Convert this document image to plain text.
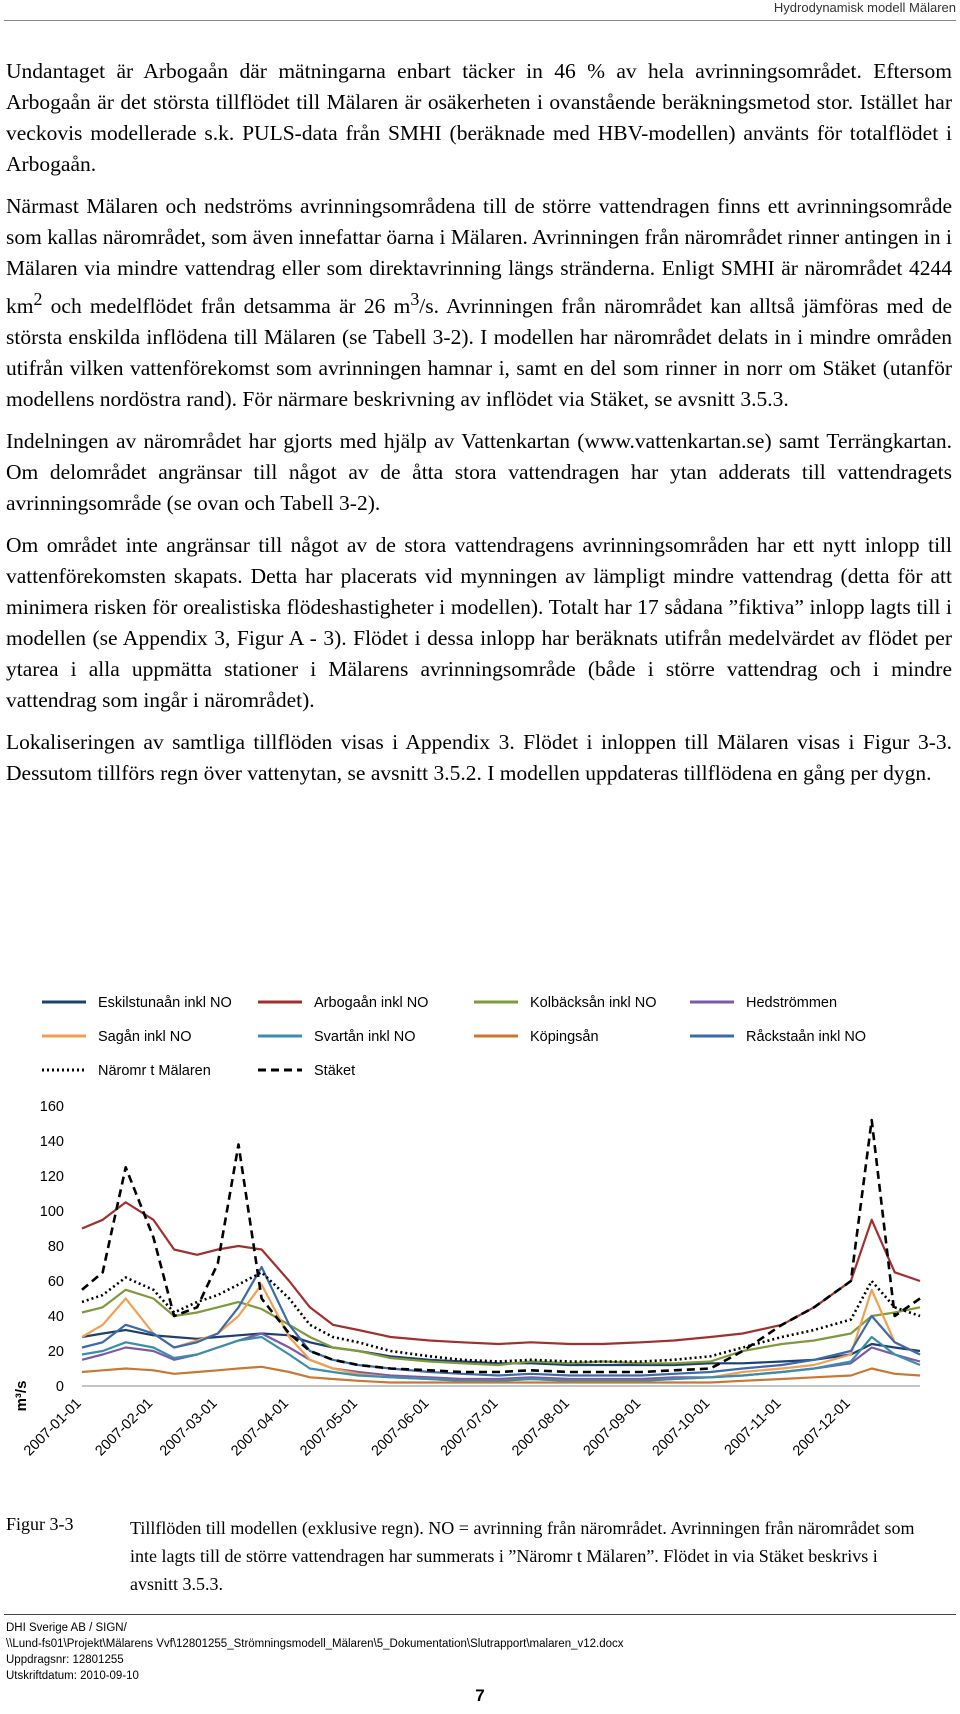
Hydrodynamisk modell Mälaren

Undantaget är Arbogaån där mätningarna enbart täcker in 46 % av hela avrinningsområdet. Eftersom Arbogaån är det största tillflödet till Mälaren är osäkerheten i ovanstående beräkningsmetod stor. Istället har veckovis modellerade s.k. PULS-data från SMHI (beräknade med HBV-modellen) använts för totalflödet i Arbogaån.

Närmast Mälaren och nedströms avrinningsområdena till de större vattendragen finns ett avrinningsområde som kallas närområdet, som även innefattar öarna i Mälaren. Avrinningen från närområdet rinner antingen in i Mälaren via mindre vattendrag eller som direktavrinning längs stränderna. Enligt SMHI är närområdet 4244 $km^2$ och medelflödet från detsamma är 26 $m^3/s$. Avrinningen från närområdet kan alltså jämföras med de största enskilda inflödena till Mälaren (se Tabell 3-2). I modellen har närområdet delats in i mindre områden utifrån vilken vattenförekomst som avrinningen hamnar i, samt en del som rinner in norr om Stäket (utanför modellens nordöstra rand). För närmare beskrivning av inflödet via Stäket, se avsnitt 3.5.3.

Indelningen av närområdet har gjorts med hjälp av Vattenkartan (www.vattenkartan.se) samt Terrängkartan. Om delområdet angränsar till något av de åtta stora vattendragen har ytan adderats till vattendragets avrinningsområde (se ovan och Tabell 3-2).

Om området inte angränsar till något av de stora vattendragens avrinningsområden har ett nytt inlopp till vattenförekomsten skapats. Detta har placerats vid mynningen av lämpligt mindre vattendrag (detta för att minimera risken för orealistiska flödeshastigheter i modellen). Totalt har 17 sådana ”fiktiva” inlopp lagts till i modellen (se Appendix 3, Figur A - 3). Flödet i dessa inlopp har beräknats utifrån medelvärdet av flödet per ytarea i alla uppmätta stationer i Mälarens avrinningsområde (både i större vattendrag och i mindre vattendrag som ingår i närområdet).

Lokaliseringen av samtliga tillflöden visas i Appendix 3. Flödet i inloppen till Mälaren visas i Figur 3-3. Dessutom tillförs regn över vattenytan, se avsnitt 3.5.2. I modellen uppdateras tillflödena en gång per dygn.

Eskilstunaån inkl NO	Arbogaån inkl NO	Kolbäcksån inkl NO	Hedströmmen
Sagån inkl NO	Svartån inkl NO	Köpingsån	Råckstaån inkl NO
Näromr t Mälaren	Stäket
0
20
40
60
80
100
120
140
160
m³/s
2007-01-01 2007-02-01 2007-03-01 2007-04-01 2007-05-01 2007-06-01 2007-07-01 2007-08-01 2007-09-01 2007-10-01 2007-11-01 2007-12-01
Figur 3-3	Tillflöden till modellen (exklusive regn). NO = avrinning från närområdet. Avrinningen från närområdet som inte lagts till de större vattendragen har summerats i ”Näromr t Mälaren”. Flödet in via Stäket beskrivs i avsnitt 3.5.3.
DHI Sverige AB / SIGN/
\\Lund-fs01\Projekt\Mälarens Vvf\12801255_Strömningsmodell_Mälaren\5_Dokumentation\Slutrapport\malaren_v12.docx
Uppdragsnr: 12801255
Utskriftdatum: 2010-09-10
7
